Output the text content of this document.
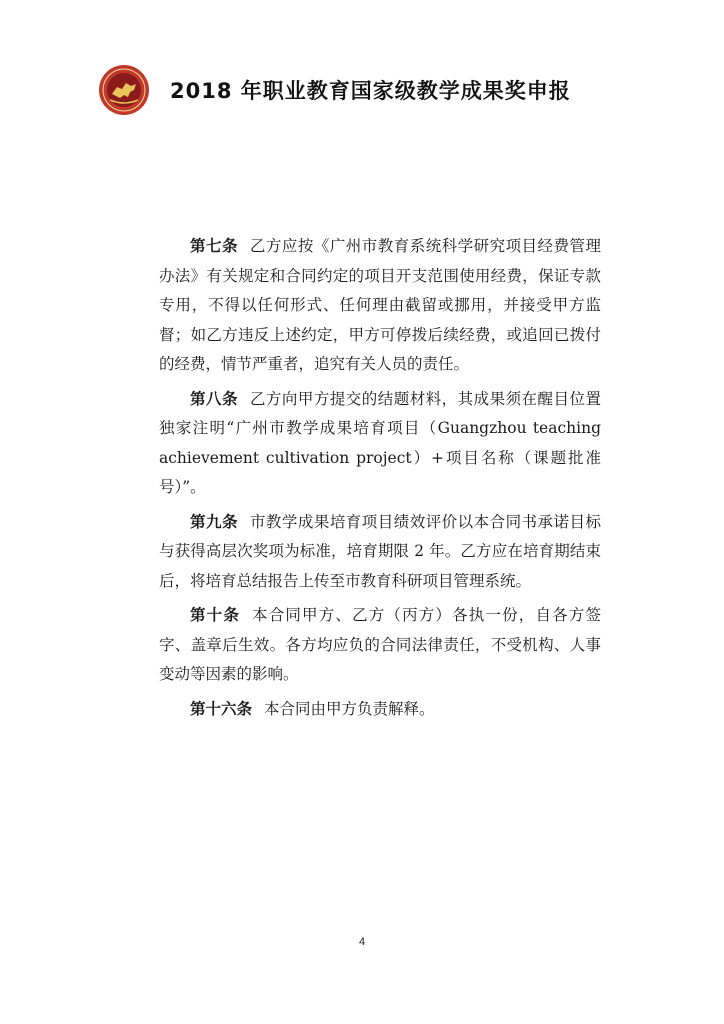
2018 年职业教育国家级教学成果奖申报

第七条 乙方应按《广州市教育系统科学研究项目经费管理办法》有关规定和合同约定的项目开支范围使用经费，保证专款专用，不得以任何形式、任何理由截留或挪用，并接受甲方监督；如乙方违反上述约定，甲方可停拨后续经费，或追回已拨付的经费，情节严重者，追究有关人员的责任。

第八条 乙方向甲方提交的结题材料，其成果须在醒目位置独家注明“广州市教学成果培育项目（Guangzhou teaching achievement cultivation project）+项目名称（课题批准号）”。

第九条 市教学成果培育项目绩效评价以本合同书承诺目标与获得高层次奖项为标准，培育期限 2 年。乙方应在培育期结束后，将培育总结报告上传至市教育科研项目管理系统。

第十条 本合同甲方、乙方（丙方）各执一份，自各方签字、盖章后生效。各方均应负的合同法律责任，不受机构、人事变动等因素的影响。

第十六条 本合同由甲方负责解释。

4
